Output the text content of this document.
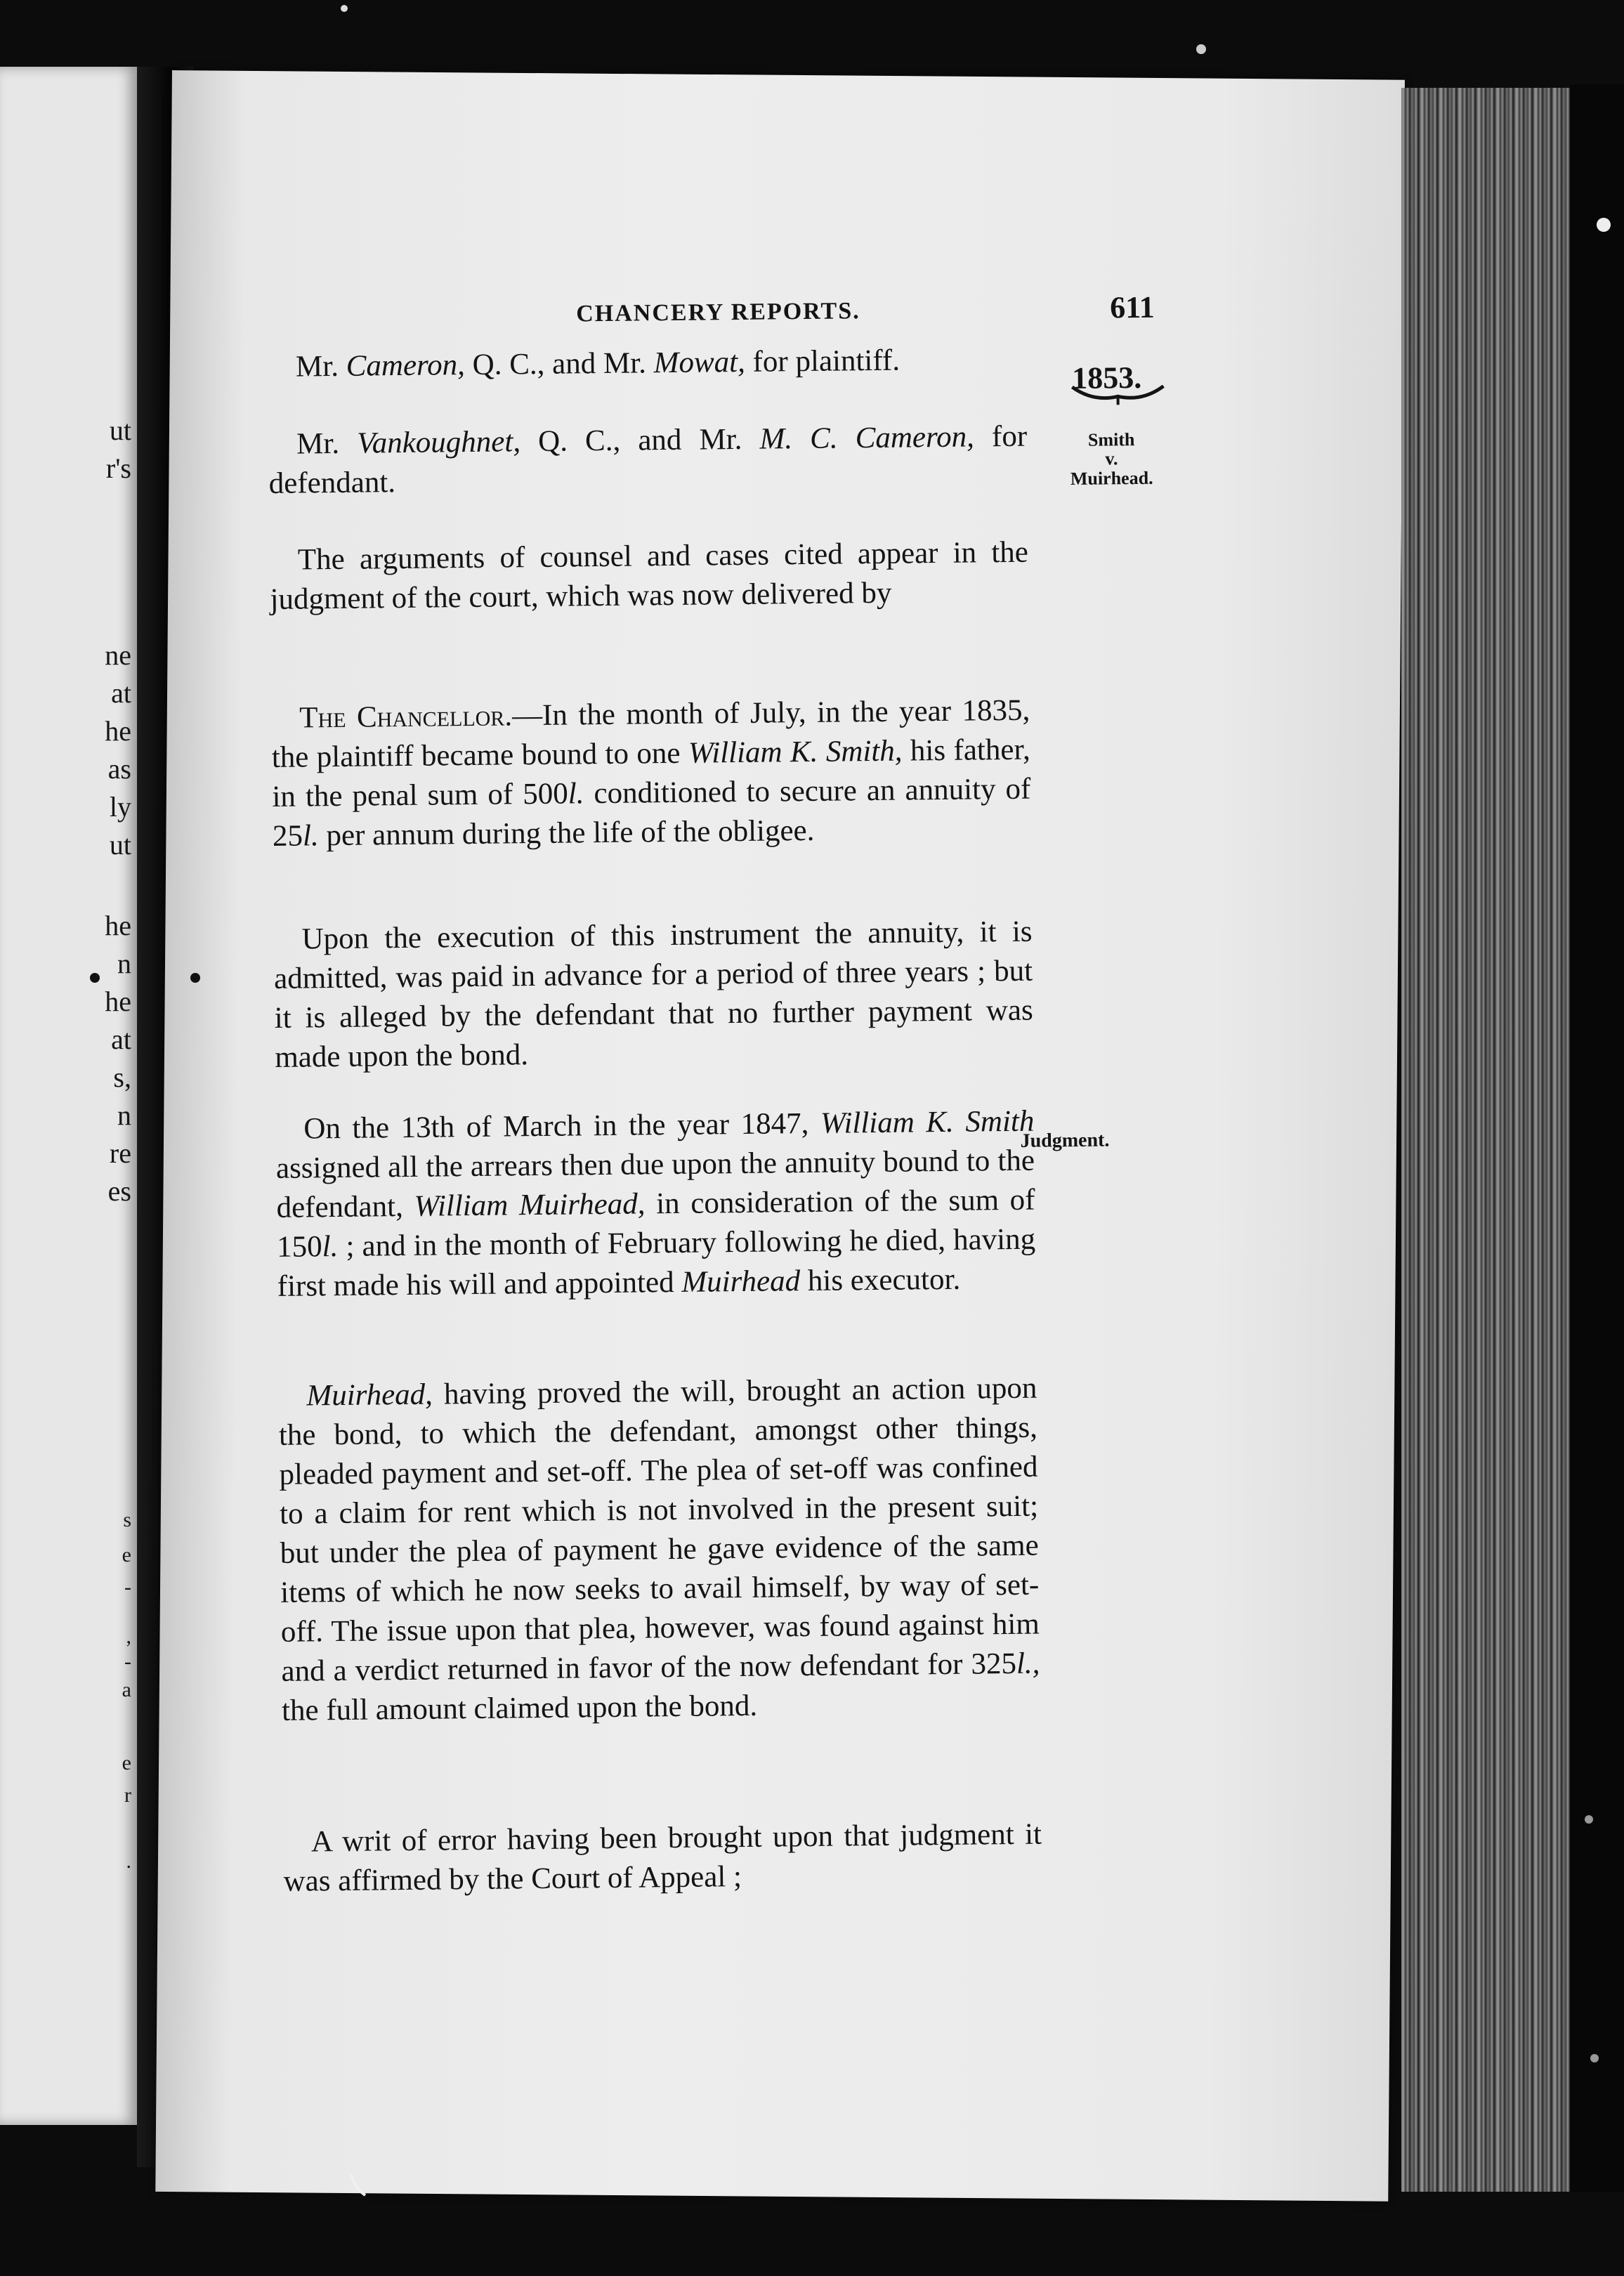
ut
r's
ne
at
he
as
ly
ut
he
n
he
at
s,
n
re
es
s
e
-
,
-
a
e
r
.
CHANCERY REPORTS.	611
1853.
Smith
v.
Muirhead.
Judgment.
Mr. Cameron, Q. C., and Mr. Mowat, for plaintiff.
Mr. Vankoughnet, Q. C., and Mr. M. C. Cameron, for defendant.
The arguments of counsel and cases cited appear in the judgment of the court, which was now delivered by
The Chancellor.—In the month of July, in the year 1835, the plaintiff became bound to one William K. Smith, his father, in the penal sum of 500l. conditioned to secure an annuity of 25l. per annum during the life of the obligee.
Upon the execution of this instrument the annuity, it is admitted, was paid in advance for a period of three years ; but it is alleged by the defendant that no further payment was made upon the bond.
On the 13th of March in the year 1847, William K. Smith assigned all the arrears then due upon the annuity bound to the defendant, William Muirhead, in consideration of the sum of 150l. ; and in the month of February following he died, having first made his will and appointed Muirhead his executor.
Muirhead, having proved the will, brought an action upon the bond, to which the defendant, amongst other things, pleaded payment and set-off. The plea of set-off was confined to a claim for rent which is not involved in the present suit; but under the plea of payment he gave evidence of the same items of which he now seeks to avail himself, by way of set-off. The issue upon that plea, however, was found against him and a verdict returned in favor of the now defendant for 325l., the full amount claimed upon the bond.
A writ of error having been brought upon that judgment it was affirmed by the Court of Appeal ;
